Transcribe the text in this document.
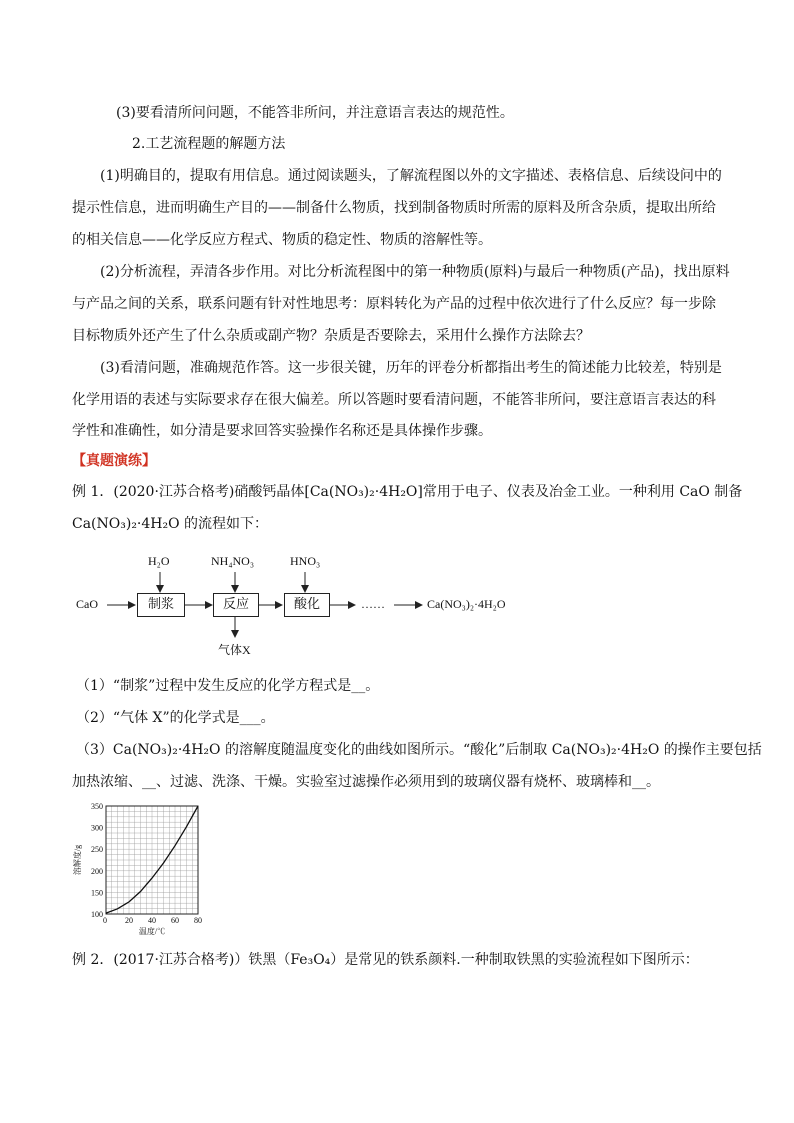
(3)要看清所问问题，不能答非所问，并注意语言表达的规范性。
2.工艺流程题的解题方法
(1)明确目的，提取有用信息。通过阅读题头，了解流程图以外的文字描述、表格信息、后续设问中的
提示性信息，进而明确生产目的——制备什么物质，找到制备物质时所需的原料及所含杂质，提取出所给
的相关信息——化学反应方程式、物质的稳定性、物质的溶解性等。
(2)分析流程，弄清各步作用。对比分析流程图中的第一种物质(原料)与最后一种物质(产品)，找出原料
与产品之间的关系，联系问题有针对性地思考：原料转化为产品的过程中依次进行了什么反应？每一步除
目标物质外还产生了什么杂质或副产物？杂质是否要除去，采用什么操作方法除去？
(3)看清问题，准确规范作答。这一步很关键，历年的评卷分析都指出考生的简述能力比较差，特别是
化学用语的表述与实际要求存在很大偏差。所以答题时要看清问题，不能答非所问，要注意语言表达的科
学性和准确性，如分清是要求回答实验操作名称还是具体操作步骤。
【真题演练】
例 1．(2020·江苏合格考)硝酸钙晶体[Ca(NO₃)₂·4H₂O]常用于电子、仪表及冶金工业。一种利用 CaO 制备
Ca(NO₃)₂·4H₂O 的流程如下：
CaO	制浆	反应	酸化
H₂O	NH₄NO₃	HNO₃
气体X
……	Ca(NO₃)₂·4H₂O
（1）“制浆”过程中发生反应的化学方程式是__。
（2）“气体 X”的化学式是___。
（3）Ca(NO₃)₂·4H₂O 的溶解度随温度变化的曲线如图所示。“酸化”后制取 Ca(NO₃)₂·4H₂O 的操作主要包括
加热浓缩、__、过滤、洗涤、干燥。实验室过滤操作必须用到的玻璃仪器有烧杯、玻璃棒和__。
100
150
200
250
300
350
20 40 60 80
0
温度/℃
溶解度/g
例 2．(2017·江苏合格考)）铁黑（Fe₃O₄）是常见的铁系颜料.一种制取铁黑的实验流程如下图所示：
